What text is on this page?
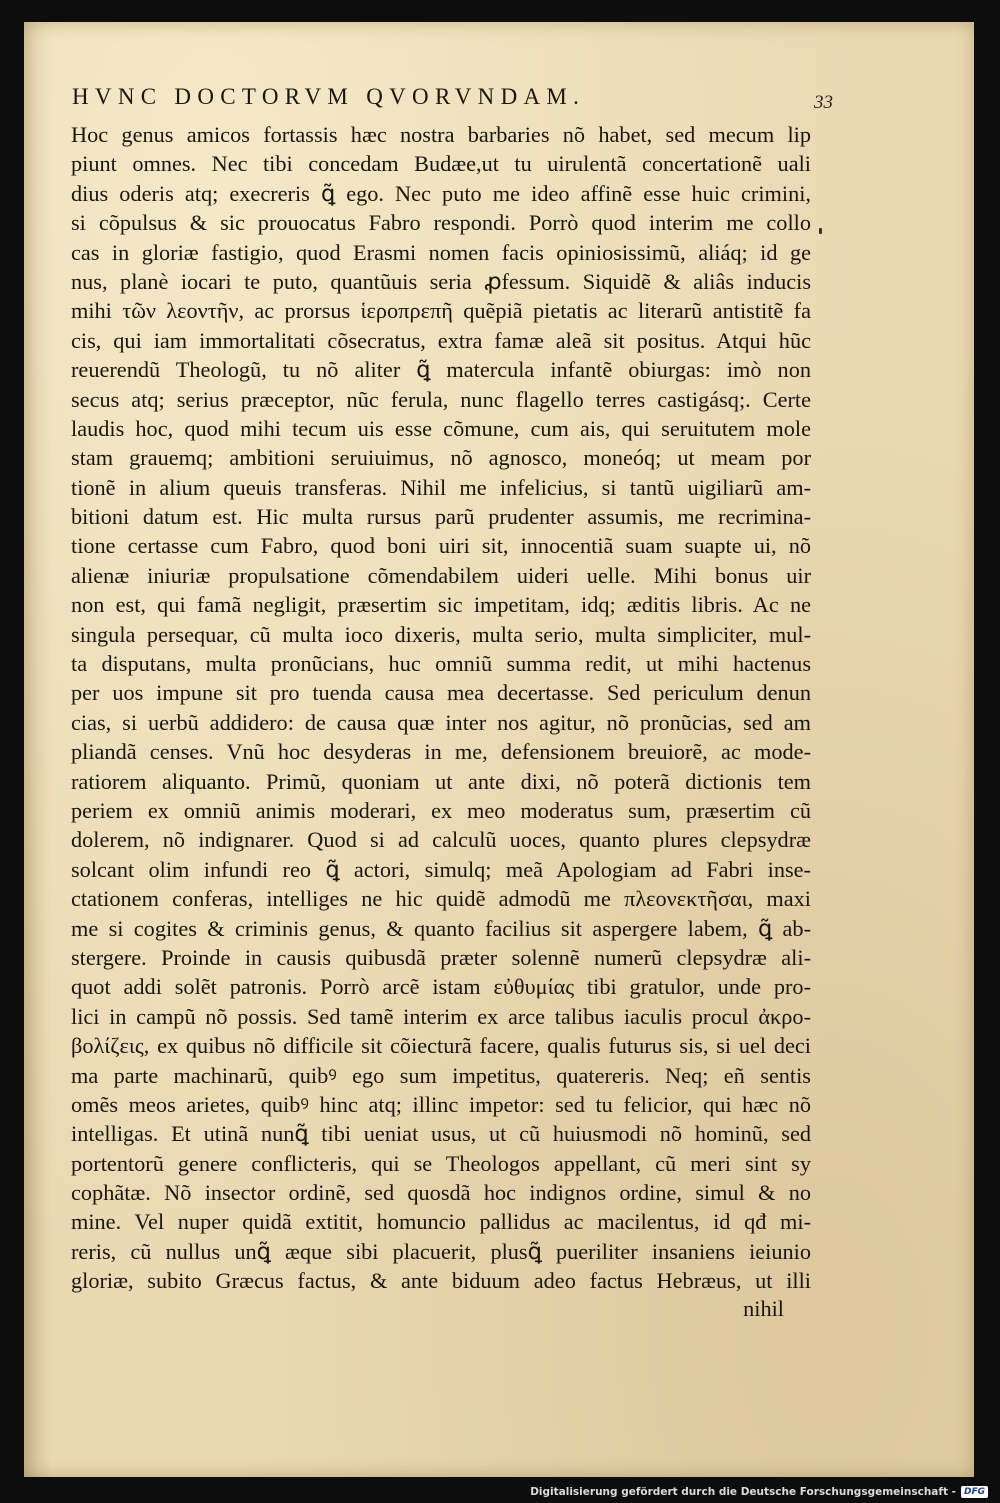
HVNC DOCTORVM QVORVNDAM.	33

Hoc genus amicos fortassis hæc nostra barbaries nõ habet, sed mecum lip
piunt omnes. Nec tibi concedam Budæe,ut tu uirulentã concertationẽ uali
dius oderis atq; execreris ꝗ̃ ego. Nec puto me ideo affinẽ esse huic crimini,
si cõpulsus & sic prouocatus Fabro respondi. Porrò quod interim me collo
cas in gloriæ fastigio, quod Erasmi nomen facis opiniosissimũ, aliáq; id ge
nus, planè iocari te puto, quantũuis seria ꝓfessum. Siquidẽ & aliâs inducis
mihi τῶν λεοντῆν, ac prorsus ἱεροπρεπῆ quẽpiã pietatis ac literarũ antistitẽ fa
cis, qui iam immortalitati cõsecratus, extra famæ aleã sit positus. Atqui hũc
reuerendũ Theologũ, tu nõ aliter ꝗ̃ matercula infantẽ obiurgas: imò non
secus atq; serius præceptor, nũc ferula, nunc flagello terres castigásq;. Certe
laudis hoc, quod mihi tecum uis esse cõmune, cum ais, qui seruitutem mole
stam grauemq; ambitioni seruiuimus, nõ agnosco, moneóq; ut meam por
tionẽ in alium queuis transferas. Nihil me infelicius, si tantũ uigiliarũ am-
bitioni datum est. Hic multa rursus parũ prudenter assumis, me recrimina-
tione certasse cum Fabro, quod boni uiri sit, innocentiã suam suapte ui, nõ
alienæ iniuriæ propulsatione cõmendabilem uideri uelle. Mihi bonus uir
non est, qui famã negligit, præsertim sic impetitam, idq; æditis libris. Ac ne
singula persequar, cũ multa ioco dixeris, multa serio, multa simpliciter, mul-
ta disputans, multa pronũcians, huc omniũ summa redit, ut mihi hactenus
per uos impune sit pro tuenda causa mea decertasse. Sed periculum denun
cias, si uerbũ addidero: de causa quæ inter nos agitur, nõ pronũcias, sed am
pliandã censes. Vnũ hoc desyderas in me, defensionem breuiorẽ, ac mode-
ratiorem aliquanto. Primũ, quoniam ut ante dixi, nõ poterã dictionis tem
periem ex omniũ animis moderari, ex meo moderatus sum, præsertim cũ
dolerem, nõ indignarer. Quod si ad calculũ uoces, quanto plures clepsydræ
solcant olim infundi reo ꝗ̃ actori, simulq; meã Apologiam ad Fabri inse-
ctationem conferas, intelliges ne hic quidẽ admodũ me πλεονεκτῆσαι, maxi
me si cogites & criminis genus, & quanto facilius sit aspergere labem, ꝗ̃ ab-
stergere. Proinde in causis quibusdã præter solennẽ numerũ clepsydræ ali-
quot addi solẽt patronis. Porrò arcẽ istam εὐθυμίας tibi gratulor, unde pro-
lici in campũ nõ possis. Sed tamẽ interim ex arce talibus iaculis procul ἀκρο-
βολίζεις, ex quibus nõ difficile sit cõiecturã facere, qualis futurus sis, si uel deci
ma parte machinarũ, quibꝰ ego sum impetitus, quatereris. Neq; eñ sentis
omẽs meos arietes, quibꝰ hinc atq; illinc impetor: sed tu felicior, qui hæc nõ
intelligas. Et utinã nunꝗ̃ tibi ueniat usus, ut cũ huiusmodi nõ hominũ, sed
portentorũ genere conflicteris, qui se Theologos appellant, cũ meri sint sy
cophãtæ. Nõ insector ordinẽ, sed quosdã hoc indignos ordine, simul & no
mine. Vel nuper quidã extitit, homuncio pallidus ac macilentus, id qđ mi-
reris, cũ nullus unꝗ̃ æque sibi placuerit, plusꝗ̃ pueriliter insaniens ieiunio
gloriæ, subito Græcus factus, & ante biduum adeo factus Hebræus, ut illi

nihil

Digitalisierung gefördert durch die Deutsche Forschungsgemeinschaft - DFG
